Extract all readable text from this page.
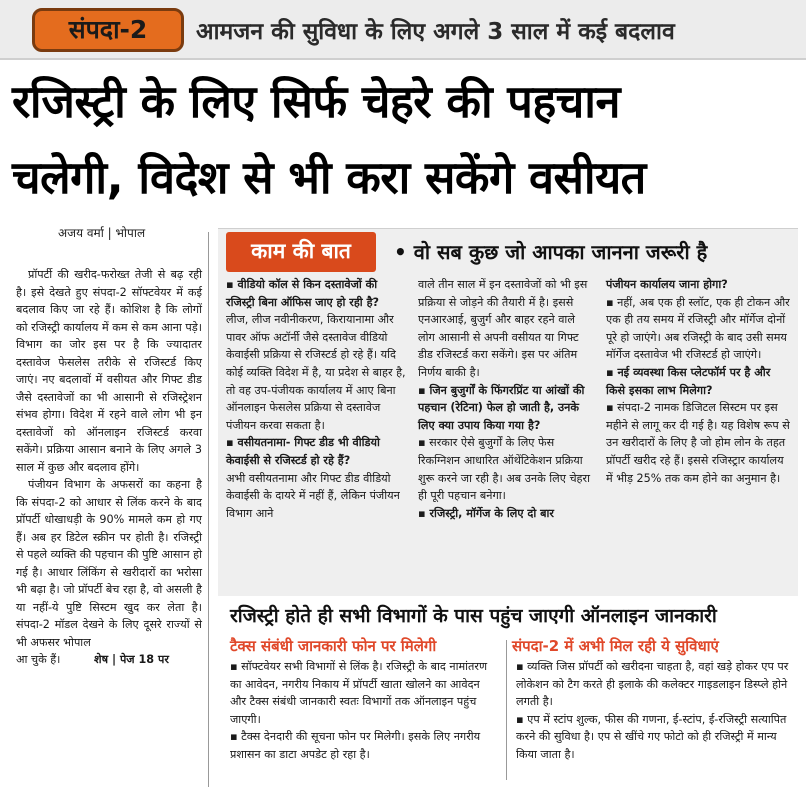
संपदा-2	आमजन की सुविधा के लिए अगले 3 साल में कई बदलाव
रजिस्ट्री के लिए सिर्फ चेहरे की पहचान
चलेगी, विदेश से भी करा सकेंगे वसीयत
अजय वर्मा | भोपाल

प्रॉपर्टी की खरीद-फरोख्त तेजी से बढ़ रही है। इसे देखते हुए संपदा-2 सॉफ्टवेयर में कई बदलाव किए जा रहे हैं। कोशिश है कि लोगों को रजिस्ट्री कार्यालय में कम से कम आना पड़े। विभाग का जोर इस पर है कि ज्यादातर दस्तावेज फेसलेस तरीके से रजिस्टर्ड किए जाएं। नए बदलावों में वसीयत और गिफ्ट डीड जैसे दस्तावेजों का भी आसानी से रजिस्ट्रेशन संभव होगा। विदेश में रहने वाले लोग भी इन दस्तावेजों को ऑनलाइन रजिस्टर्ड करवा सकेंगे। प्रक्रिया आसान बनाने के लिए अगले 3 साल में कुछ और बदलाव होंगे।

पंजीयन विभाग के अफसरों का कहना है कि संपदा-2 को आधार से लिंक करने के बाद प्रॉपर्टी धोखाधड़ी के 90% मामले कम हो गए हैं। अब हर डिटेल स्क्रीन पर होती है। रजिस्ट्री से पहले व्यक्ति की पहचान की पुष्टि आसान हो गई है। आधार लिंकिंग से खरीदारों का भरोसा भी बढ़ा है। जो प्रॉपर्टी बेच रहा है, वो असली है या नहीं-ये पुष्टि सिस्टम खुद कर लेता है। संपदा-2 मॉडल देखने के लिए दूसरे राज्यों से भी अफसर भोपाल

आ चुके हैं।	शेष | पेज 18 पर
काम की बात	• वो सब कुछ जो आपका जानना जरूरी है
▪ वीडियो कॉल से किन दस्तावेजों की रजिस्ट्री बिना ऑफिस जाए हो रही है?
लीज, लीज नवीनीकरण, किरायानामा और पावर ऑफ अटॉर्नी जैसे दस्तावेज वीडियो केवाईसी प्रक्रिया से रजिस्टर्ड हो रहे हैं। यदि कोई व्यक्ति विदेश में है, या प्रदेश से बाहर है, तो वह उप-पंजीयक कार्यालय में आए बिना ऑनलाइन फेसलेस प्रक्रिया से दस्तावेज पंजीयन करवा सकता है।
▪ वसीयतनामा- गिफ्ट डीड भी वीडियो केवाईसी से रजिस्टर्ड हो रहे हैं?
अभी वसीयतनामा और गिफ्ट डीड वीडियो केवाईसी के दायरे में नहीं हैं, लेकिन पंजीयन विभाग आने
वाले तीन साल में इन दस्तावेजों को भी इस प्रक्रिया से जोड़ने की तैयारी में है। इससे एनआरआई, बुजुर्ग और बाहर रहने वाले लोग आसानी से अपनी वसीयत या गिफ्ट डीड रजिस्टर्ड करा सकेंगे। इस पर अंतिम निर्णय बाकी है।
▪ जिन बुजुर्गों के फिंगरप्रिंट या आंखों की पहचान (रेटिना) फेल हो जाती है, उनके लिए क्या उपाय किया गया है?
▪ सरकार ऐसे बुजुर्गों के लिए फेस रिकग्निशन आधारित ऑथेंटिकेशन प्रक्रिया शुरू करने जा रही है। अब उनके लिए चेहरा ही पूरी पहचान बनेगा।
▪ रजिस्ट्री, मॉर्गेज के लिए दो बार
पंजीयन कार्यालय जाना होगा?
▪ नहीं, अब एक ही स्लॉट, एक ही टोकन और एक ही तय समय में रजिस्ट्री और मॉर्गेज दोनों पूरे हो जाएंगे। अब रजिस्ट्री के बाद उसी समय मॉर्गेज दस्तावेज भी रजिस्टर्ड हो जाएंगे।
▪ नई व्यवस्था किस प्लेटफॉर्म पर है और किसे इसका लाभ मिलेगा?
▪ संपदा-2 नामक डिजिटल सिस्टम पर इस महीने से लागू कर दी गई है। यह विशेष रूप से उन खरीदारों के लिए है जो होम लोन के तहत प्रॉपर्टी खरीद रहे हैं। इससे रजिस्ट्रार कार्यालय में भीड़ 25% तक कम होने का अनुमान है।
रजिस्ट्री होते ही सभी विभागों के पास पहुंच जाएगी ऑनलाइन जानकारी
टैक्स संबंधी जानकारी फोन पर मिलेगी	संपदा-2 में अभी मिल रही ये सुविधाएं
▪ सॉफ्टवेयर सभी विभागों से लिंक है। रजिस्ट्री के बाद नामांतरण का आवेदन, नगरीय निकाय में प्रॉपर्टी खाता खोलने का आवेदन और टैक्स संबंधी जानकारी स्वतः विभागों तक ऑनलाइन पहुंच जाएगी।
▪ टैक्स देनदारी की सूचना फोन पर मिलेगी। इसके लिए नगरीय प्रशासन का डाटा अपडेट हो रहा है।
▪ व्यक्ति जिस प्रॉपर्टी को खरीदना चाहता है, वहां खड़े होकर एप पर लोकेशन को टैग करते ही इलाके की कलेक्टर गाइडलाइन डिस्प्ले होने लगती है।
▪ एप में स्टांप शुल्क, फीस की गणना, ई-स्टांप, ई-रजिस्ट्री सत्यापित करने की सुविधा है। एप से खींचे गए फोटो को ही रजिस्ट्री में मान्य किया जाता है।
